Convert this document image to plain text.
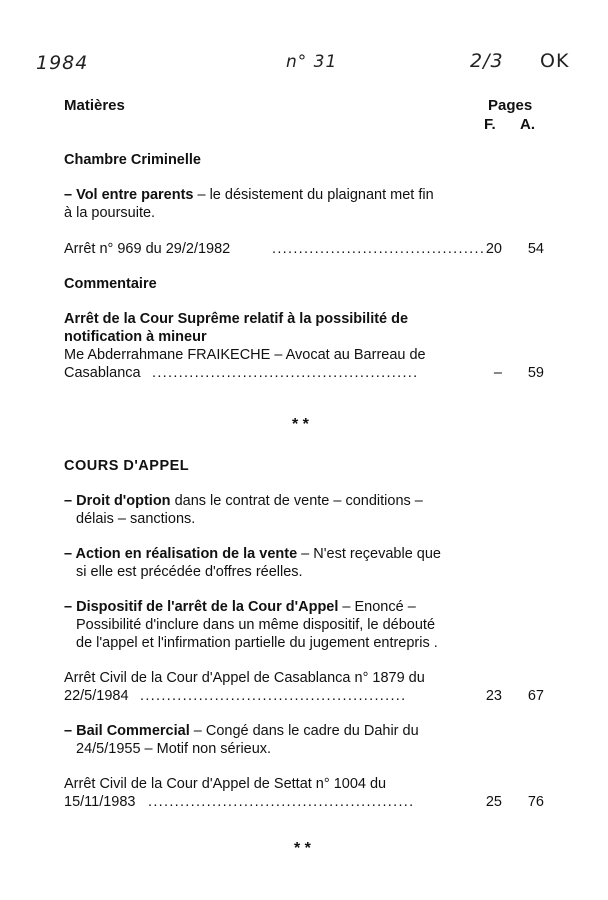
1984	n° 31	2/3 OK
Matières	Pages
F. A.
Chambre Criminelle
– Vol entre parents – le désistement du plaignant met fin
à la poursuite.
Arrêt n° 969 du 29/2/1982	........................................ 20	54
Commentaire
Arrêt de la Cour Suprême relatif à la possibilité de
notification à mineur
Me Abderrahmane FRAIKECHE – Avocat au Barreau de
Casablanca ..................................................	–	59
* *
COURS D'APPEL
– Droit d'option dans le contrat de vente – conditions –
délais – sanctions.
– Action en réalisation de la vente – N'est reçevable que
si elle est précédée d'offres réelles.
– Dispositif de l'arrêt de la Cour d'Appel – Enoncé –
Possibilité d'inclure dans un même dispositif, le débouté
de l'appel et l'infirmation partielle du jugement entrepris .
Arrêt Civil de la Cour d'Appel de Casablanca n° 1879 du
22/5/1984 ..................................................	23	67
– Bail Commercial – Congé dans le cadre du Dahir du
24/5/1955 – Motif non sérieux.
Arrêt Civil de la Cour d'Appel de Settat n° 1004 du
15/11/1983 ..................................................	25	76
* *
